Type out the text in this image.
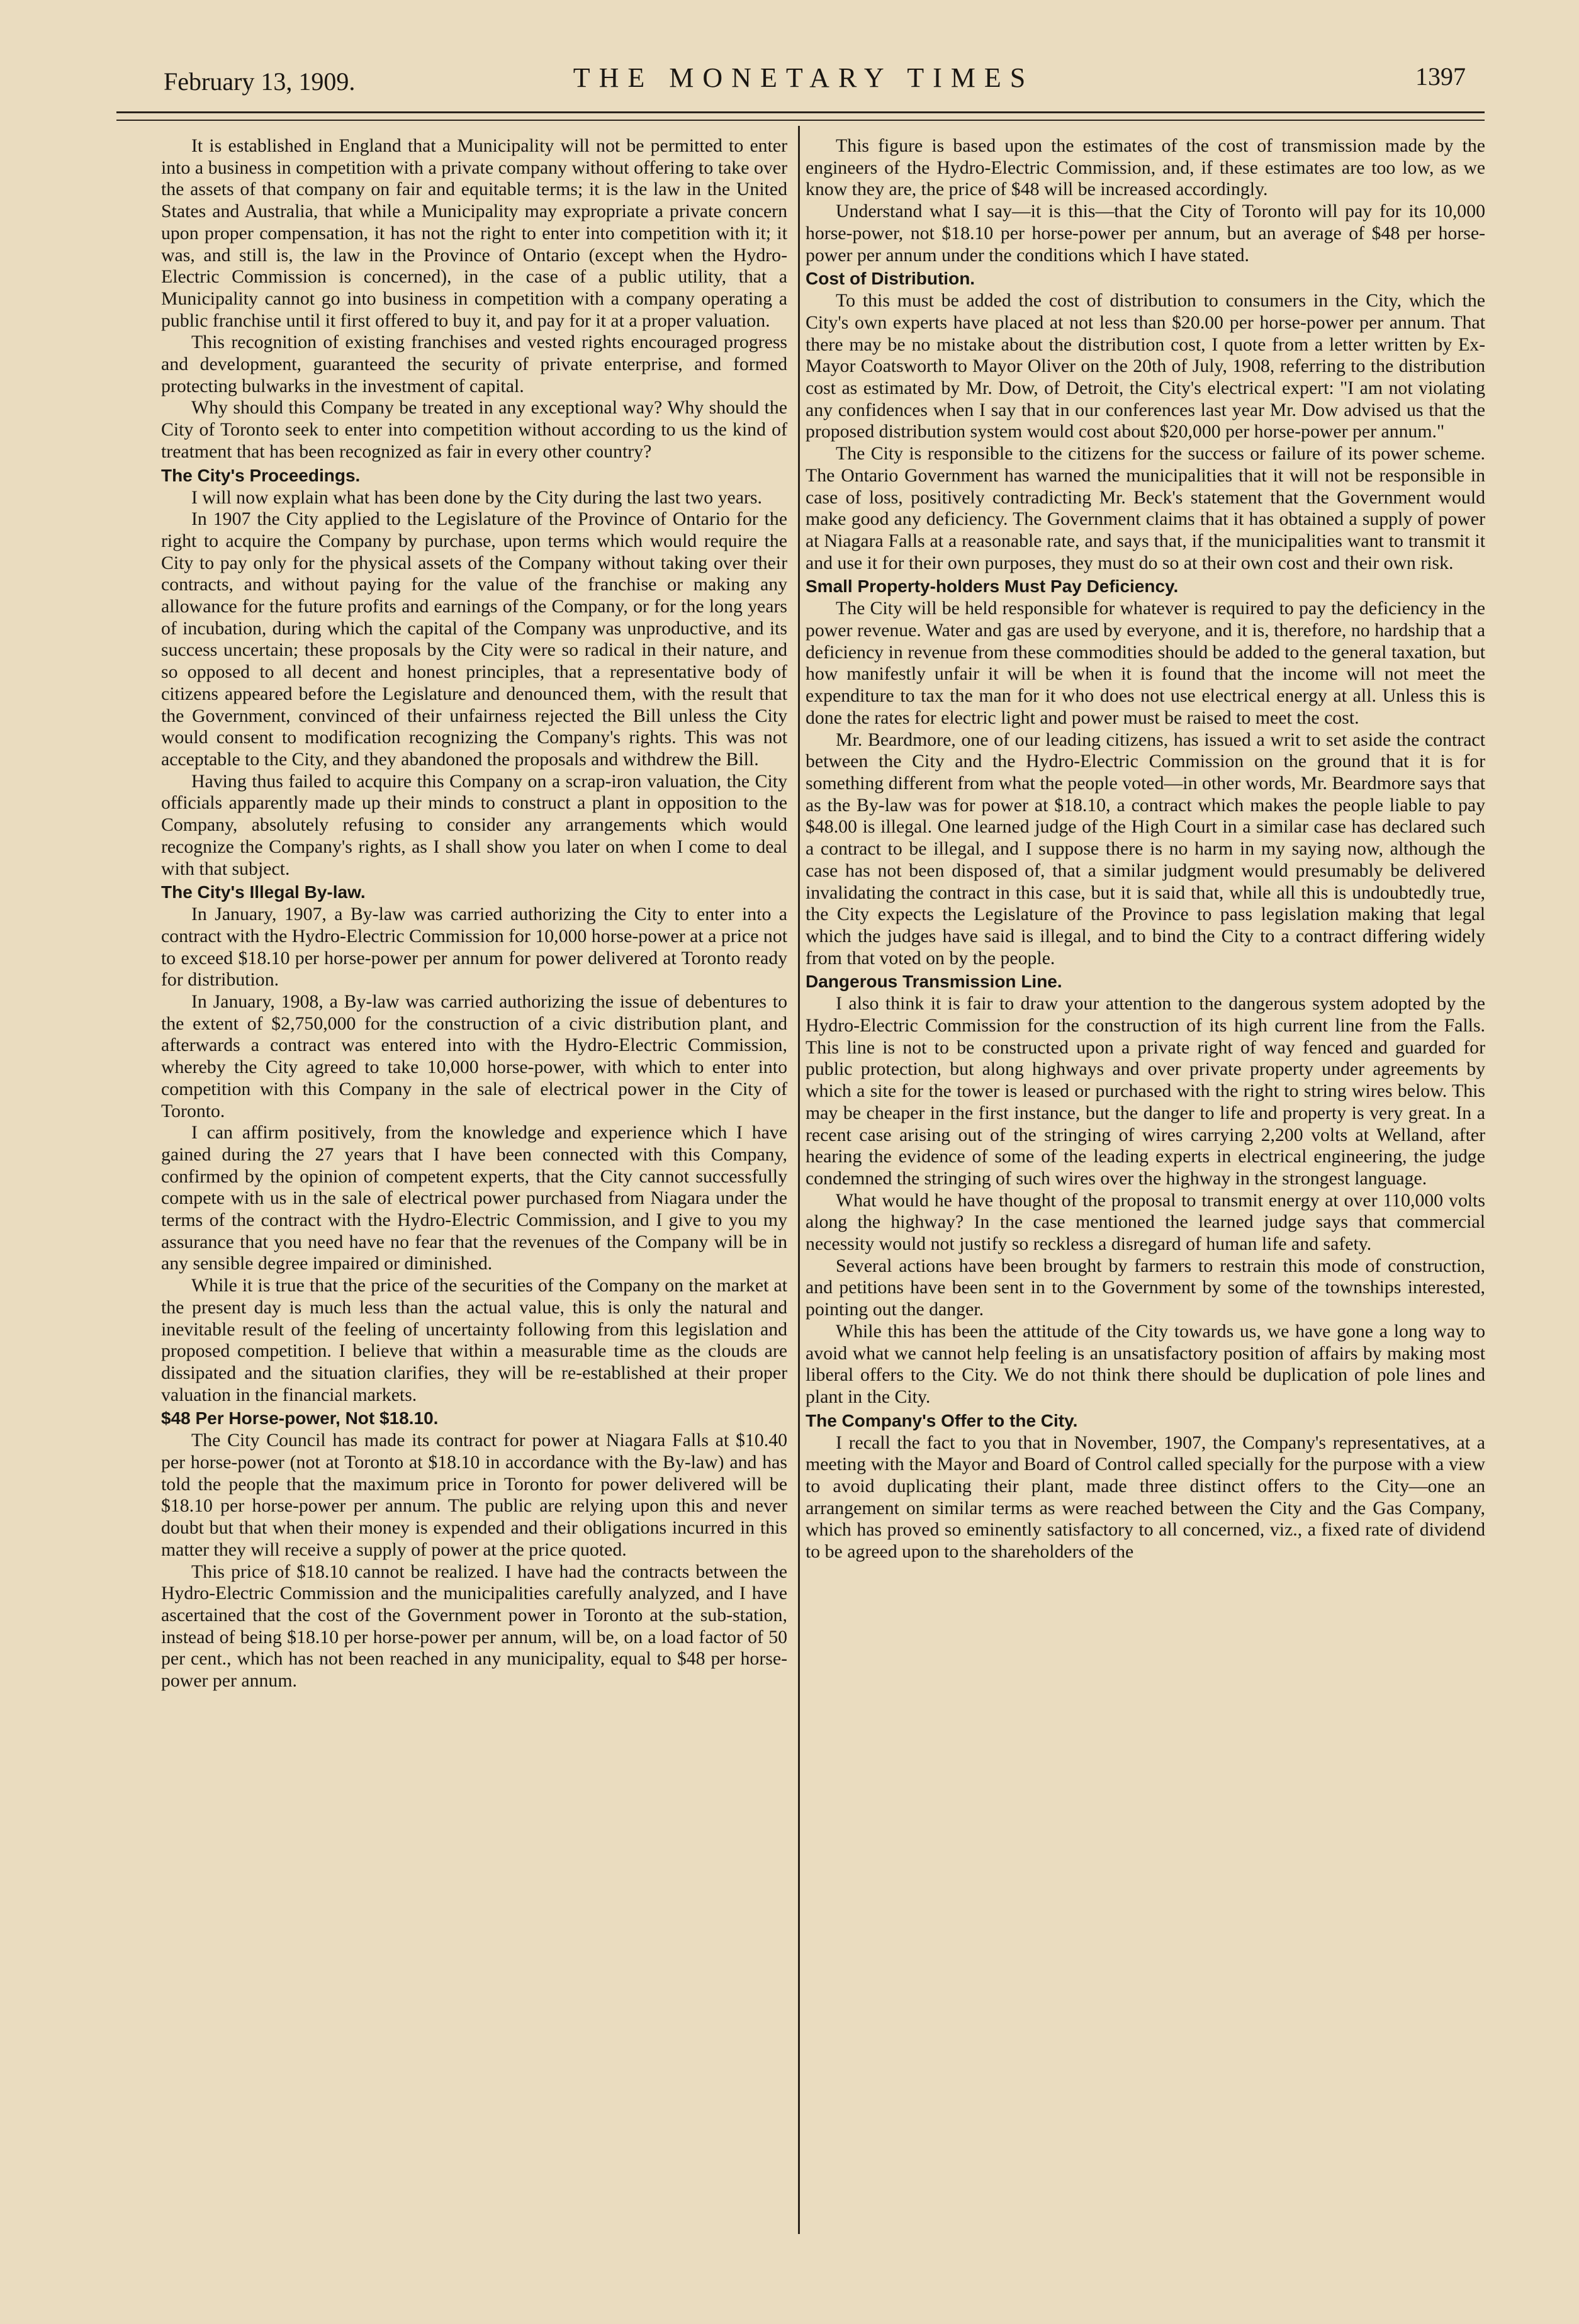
February 13, 1909.	THE MONETARY TIMES	1397

It is established in England that a Municipality will not be permitted to enter into a business in competition with a private company without offering to take over the assets of that company on fair and equitable terms; it is the law in the United States and Australia, that while a Municipality may expropriate a private concern upon proper compensation, it has not the right to enter into competition with it; it was, and still is, the law in the Province of Ontario (except when the Hydro-Electric Commission is concerned), in the case of a public utility, that a Municipality cannot go into business in competition with a company operating a public franchise until it first offered to buy it, and pay for it at a proper valuation.

This recognition of existing franchises and vested rights encouraged progress and development, guaranteed the security of private enterprise, and formed protecting bulwarks in the investment of capital.

Why should this Company be treated in any exceptional way? Why should the City of Toronto seek to enter into competition without according to us the kind of treatment that has been recognized as fair in every other country?

The City's Proceedings.

I will now explain what has been done by the City during the last two years.

In 1907 the City applied to the Legislature of the Province of Ontario for the right to acquire the Company by purchase, upon terms which would require the City to pay only for the physical assets of the Company without taking over their contracts, and without paying for the value of the franchise or making any allowance for the future profits and earnings of the Company, or for the long years of incubation, during which the capital of the Company was unproductive, and its success uncertain; these proposals by the City were so radical in their nature, and so opposed to all decent and honest principles, that a representative body of citizens appeared before the Legislature and denounced them, with the result that the Government, convinced of their unfairness rejected the Bill unless the City would consent to modification recognizing the Company's rights. This was not acceptable to the City, and they abandoned the proposals and withdrew the Bill.

Having thus failed to acquire this Company on a scrap-iron valuation, the City officials apparently made up their minds to construct a plant in opposition to the Company, absolutely refusing to consider any arrangements which would recognize the Company's rights, as I shall show you later on when I come to deal with that subject.

The City's Illegal By-law.

In January, 1907, a By-law was carried authorizing the City to enter into a contract with the Hydro-Electric Commission for 10,000 horse-power at a price not to exceed $18.10 per horse-power per annum for power delivered at Toronto ready for distribution.

In January, 1908, a By-law was carried authorizing the issue of debentures to the extent of $2,750,000 for the construction of a civic distribution plant, and afterwards a contract was entered into with the Hydro-Electric Commission, whereby the City agreed to take 10,000 horse-power, with which to enter into competition with this Company in the sale of electrical power in the City of Toronto.

I can affirm positively, from the knowledge and experience which I have gained during the 27 years that I have been connected with this Company, confirmed by the opinion of competent experts, that the City cannot successfully compete with us in the sale of electrical power purchased from Niagara under the terms of the contract with the Hydro-Electric Commission, and I give to you my assurance that you need have no fear that the revenues of the Company will be in any sensible degree impaired or diminished.

While it is true that the price of the securities of the Company on the market at the present day is much less than the actual value, this is only the natural and inevitable result of the feeling of uncertainty following from this legislation and proposed competition. I believe that within a measurable time as the clouds are dissipated and the situation clarifies, they will be re-established at their proper valuation in the financial markets.

$48 Per Horse-power, Not $18.10.

The City Council has made its contract for power at Niagara Falls at $10.40 per horse-power (not at Toronto at $18.10 in accordance with the By-law) and has told the people that the maximum price in Toronto for power delivered will be $18.10 per horse-power per annum. The public are relying upon this and never doubt but that when their money is expended and their obligations incurred in this matter they will receive a supply of power at the price quoted.

This price of $18.10 cannot be realized. I have had the contracts between the Hydro-Electric Commission and the municipalities carefully analyzed, and I have ascertained that the cost of the Government power in Toronto at the sub-station, instead of being $18.10 per horse-power per annum, will be, on a load factor of 50 per cent., which has not been reached in any municipality, equal to $48 per horse-power per annum.

This figure is based upon the estimates of the cost of transmission made by the engineers of the Hydro-Electric Commission, and, if these estimates are too low, as we know they are, the price of $48 will be increased accordingly.

Understand what I say—it is this—that the City of Toronto will pay for its 10,000 horse-power, not $18.10 per horse-power per annum, but an average of $48 per horse-power per annum under the conditions which I have stated.

Cost of Distribution.

To this must be added the cost of distribution to consumers in the City, which the City's own experts have placed at not less than $20.00 per horse-power per annum. That there may be no mistake about the distribution cost, I quote from a letter written by Ex-Mayor Coatsworth to Mayor Oliver on the 20th of July, 1908, referring to the distribution cost as estimated by Mr. Dow, of Detroit, the City's electrical expert: "I am not violating any confidences when I say that in our conferences last year Mr. Dow advised us that the proposed distribution system would cost about $20,000 per horse-power per annum."

The City is responsible to the citizens for the success or failure of its power scheme. The Ontario Government has warned the municipalities that it will not be responsible in case of loss, positively contradicting Mr. Beck's statement that the Government would make good any deficiency. The Government claims that it has obtained a supply of power at Niagara Falls at a reasonable rate, and says that, if the municipalities want to transmit it and use it for their own purposes, they must do so at their own cost and their own risk.

Small Property-holders Must Pay Deficiency.

The City will be held responsible for whatever is required to pay the deficiency in the power revenue. Water and gas are used by everyone, and it is, therefore, no hardship that a deficiency in revenue from these commodities should be added to the general taxation, but how manifestly unfair it will be when it is found that the income will not meet the expenditure to tax the man for it who does not use electrical energy at all. Unless this is done the rates for electric light and power must be raised to meet the cost.

Mr. Beardmore, one of our leading citizens, has issued a writ to set aside the contract between the City and the Hydro-Electric Commission on the ground that it is for something different from what the people voted—in other words, Mr. Beardmore says that as the By-law was for power at $18.10, a contract which makes the people liable to pay $48.00 is illegal. One learned judge of the High Court in a similar case has declared such a contract to be illegal, and I suppose there is no harm in my saying now, although the case has not been disposed of, that a similar judgment would presumably be delivered invalidating the contract in this case, but it is said that, while all this is undoubtedly true, the City expects the Legislature of the Province to pass legislation making that legal which the judges have said is illegal, and to bind the City to a contract differing widely from that voted on by the people.

Dangerous Transmission Line.

I also think it is fair to draw your attention to the dangerous system adopted by the Hydro-Electric Commission for the construction of its high current line from the Falls. This line is not to be constructed upon a private right of way fenced and guarded for public protection, but along highways and over private property under agreements by which a site for the tower is leased or purchased with the right to string wires below. This may be cheaper in the first instance, but the danger to life and property is very great. In a recent case arising out of the stringing of wires carrying 2,200 volts at Welland, after hearing the evidence of some of the leading experts in electrical engineering, the judge condemned the stringing of such wires over the highway in the strongest language.

What would he have thought of the proposal to transmit energy at over 110,000 volts along the highway? In the case mentioned the learned judge says that commercial necessity would not justify so reckless a disregard of human life and safety.

Several actions have been brought by farmers to restrain this mode of construction, and petitions have been sent in to the Government by some of the townships interested, pointing out the danger.

While this has been the attitude of the City towards us, we have gone a long way to avoid what we cannot help feeling is an unsatisfactory position of affairs by making most liberal offers to the City. We do not think there should be duplication of pole lines and plant in the City.

The Company's Offer to the City.

I recall the fact to you that in November, 1907, the Company's representatives, at a meeting with the Mayor and Board of Control called specially for the purpose with a view to avoid duplicating their plant, made three distinct offers to the City—one an arrangement on similar terms as were reached between the City and the Gas Company, which has proved so eminently satisfactory to all concerned, viz., a fixed rate of dividend to be agreed upon to the shareholders of the
